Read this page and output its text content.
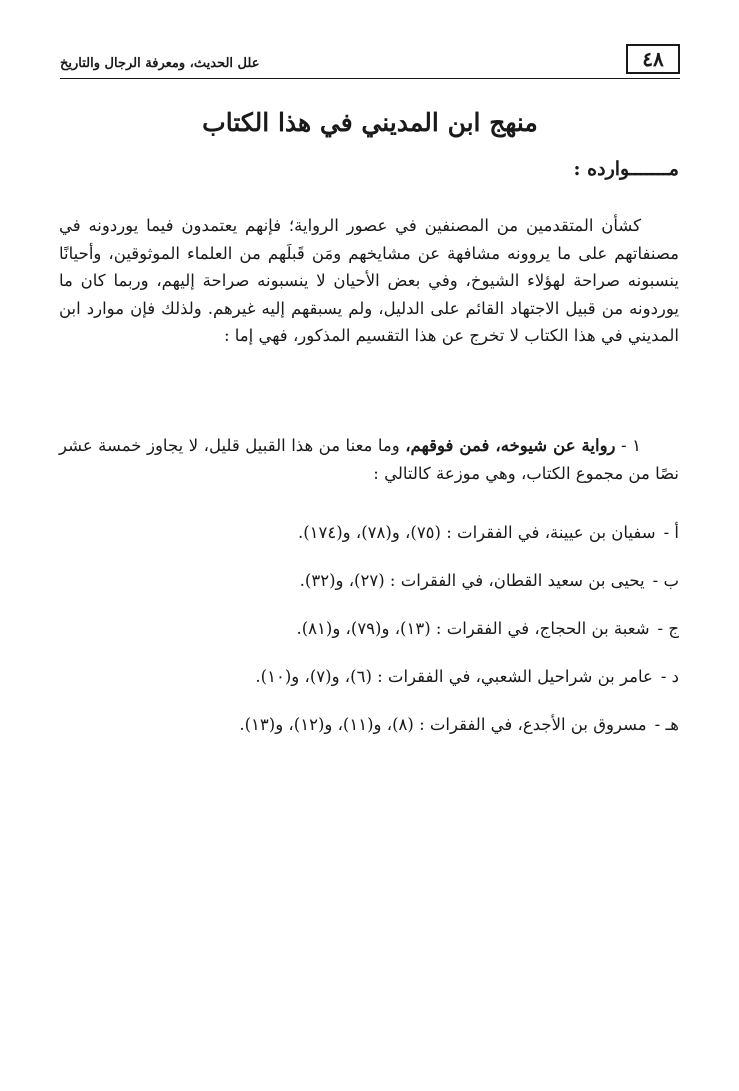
٤٨
علل الحديث، ومعرفة الرجال والتاريخ
منهج ابن المديني في هذا الكتاب
مـــــــوارده :
كشأن المتقدمين من المصنفين في عصور الرواية؛ فإنهم يعتمدون فيما يوردونه في مصنفاتهم على ما يروونه مشافهة عن مشايخهم ومَن قَبلَهم من العلماء الموثوقين، وأحيانًا ينسبونه صراحة لهؤلاء الشيوخ، وفي بعض الأحيان لا ينسبونه صراحة إليهم، وربما كان ما يوردونه من قبيل الاجتهاد القائم على الدليل، ولم يسبقهم إليه غيرهم. ولذلك فإن موارد ابن المديني في هذا الكتاب لا تخرج عن هذا التقسيم المذكور، فهي إما :
١ - رواية عن شيوخه، فمن فوقهم، وما معنا من هذا القبيل قليل، لا يجاوز خمسة عشر نصًا من مجموع الكتاب، وهي موزعة كالتالي :
أ -سفيان بن عيينة، في الفقرات : (٧٥)، و(٧٨)، و(١٧٤).
ب -يحيى بن سعيد القطان، في الفقرات : (٢٧)، و(٣٢).
ج -شعبة بن الحجاج، في الفقرات : (١٣)، و(٧٩)، و(٨١).
د -عامر بن شراحيل الشعبي، في الفقرات : (٦)، و(٧)، و(١٠).
هـ -مسروق بن الأجدع، في الفقرات : (٨)، و(١١)، و(١٢)، و(١٣).
